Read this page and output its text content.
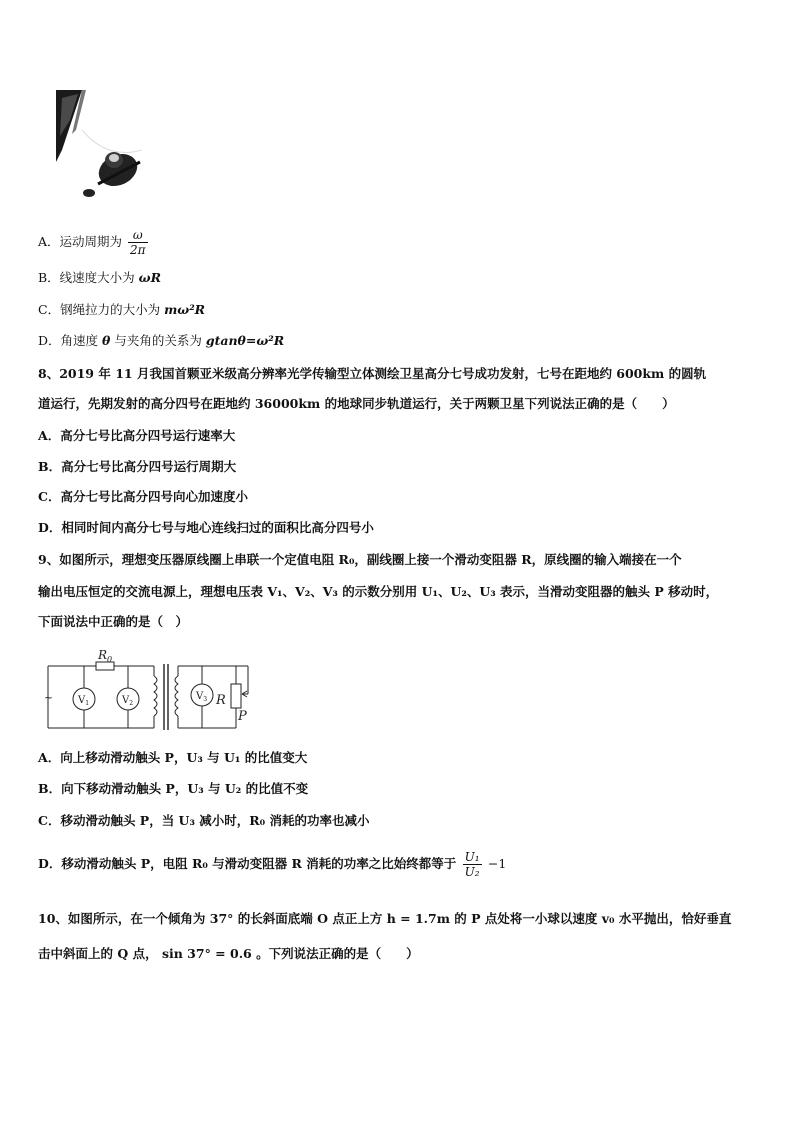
A．运动周期为 $\frac{\omega}{2\pi}$
B．线速度大小为 ωR
C．钢绳拉力的大小为 mω²R
D．角速度 θ 与夹角的关系为 gtanθ=ω²R
8、2019 年 11 月我国首颗亚米级高分辨率光学传输型立体测绘卫星高分七号成功发射，七号在距地约 600km 的圆轨
道运行，先期发射的高分四号在距地约 36000km 的地球同步轨道运行，关于两颗卫星下列说法正确的是（　　）
A．高分七号比高分四号运行速率大
B．高分七号比高分四号运行周期大
C．高分七号比高分四号向心加速度小
D．相同时间内高分七号与地心连线扫过的面积比高分四号小
9、如图所示，理想变压器原线圈上串联一个定值电阻 R₀，副线圈上接一个滑动变阻器 R，原线圈的输入端接在一个
输出电压恒定的交流电源上，理想电压表 V₁、V₂、V₃ 的示数分别用 U₁、U₂、U₃ 表示，当滑动变阻器的触头 P 移动时，
下面说法中正确的是（　）
~
$R_0$
$V_1$	$V_2$
$V_3$ R
P
A．向上移动滑动触头 P，U₃ 与 U₁ 的比值变大
B．向下移动滑动触头 P，U₃ 与 U₂ 的比值不变
C．移动滑动触头 P，当 U₃ 减小时，R₀ 消耗的功率也减小
D．移动滑动触头 P，电阻 R₀ 与滑动变阻器 R 消耗的功率之比始终都等于 $\frac{\text{U₁}}{\text{U₂}} -1$
10、如图所示，在一个倾角为 37° 的长斜面底端 O 点正上方 h = 1.7m 的 P 点处将一小球以速度 v₀ 水平抛出，恰好垂直
击中斜面上的 Q 点， sin 37° = 0.6 。下列说法正确的是（　　）
